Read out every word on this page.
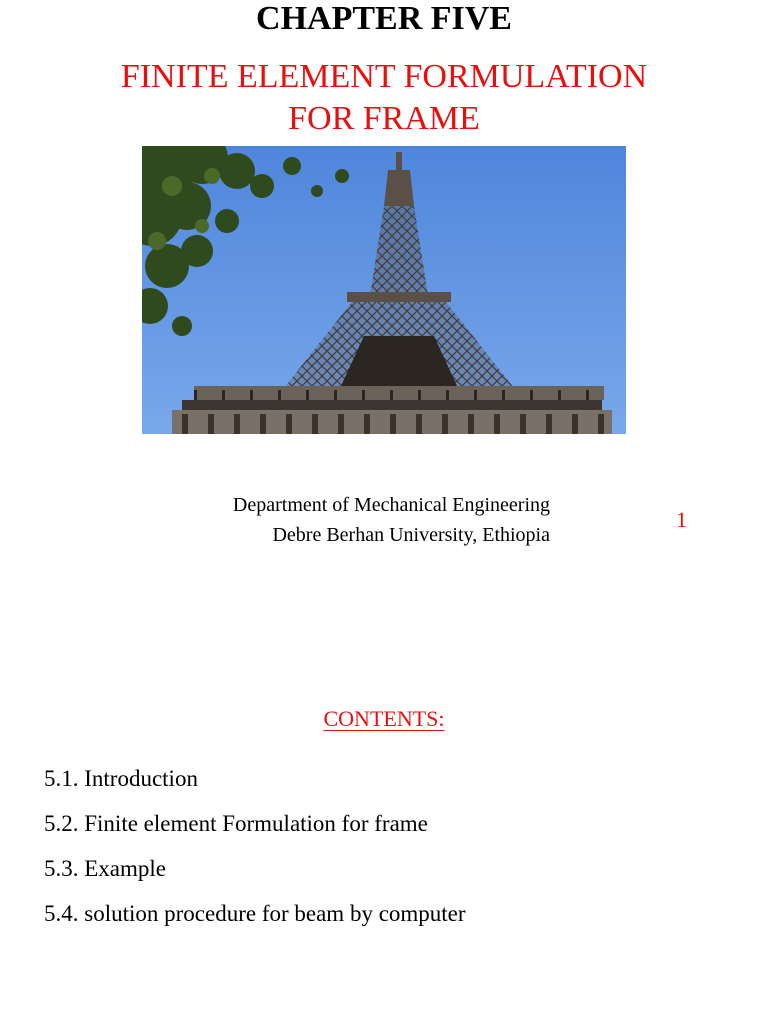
CHAPTER FIVE
FINITE ELEMENT FORMULATION
FOR FRAME
Department of Mechanical Engineering
Debre Berhan University, Ethiopia
1
CONTENTS:
5.1. Introduction
5.2. Finite element Formulation for frame
5.3. Example
5.4. solution procedure for beam by computer
